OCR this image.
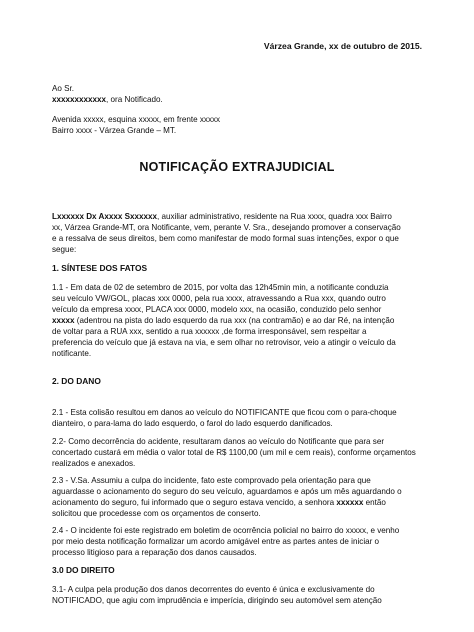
Várzea Grande, xx de outubro de 2015.
Ao Sr.
xxxxxxxxxxxx, ora Notificado.
Avenida xxxxx, esquina xxxxx, em frente xxxxx
Bairro xxxx - Várzea Grande – MT.
NOTIFICAÇÃO EXTRAJUDICIAL
Lxxxxxx Dx Axxxx Sxxxxxx, auxiliar administrativo, residente na Rua xxxx, quadra xxx Bairro
xx, Várzea Grande-MT, ora Notificante, vem, perante V. Sra., desejando promover a conservação
e a ressalva de seus direitos, bem como manifestar de modo formal suas intenções, expor o que
segue:
1. SÍNTESE DOS FATOS
1.1 - Em data de 02 de setembro de 2015, por volta das 12h45min min, a notificante conduzia
seu veículo VW/GOL, placas xxx 0000, pela rua xxxx, atravessando a Rua xxx, quando outro
veículo da empresa xxxx, PLACA xxx 0000, modelo xxx, na ocasião, conduzido pelo senhor
xxxxx (adentrou na pista do lado esquerdo da rua xxx (na contramão) e ao dar Ré, na intenção
de voltar para a RUA xxx, sentido a rua xxxxxx ,de forma irresponsável, sem respeitar a
preferencia do veículo que já estava na via, e sem olhar no retrovisor, veio a atingir o veículo da
notificante.
2. DO DANO
2.1 - Esta colisão resultou em danos ao veículo do NOTIFICANTE que ficou com o para-choque
dianteiro, o para-lama do lado esquerdo, o farol do lado esquerdo danificados.
2.2- Como decorrência do acidente, resultaram danos ao veículo do Notificante que para ser
concertado custará em média o valor total de R$ 1100,00 (um mil e cem reais), conforme orçamentos
realizados e anexados.
2.3 - V.Sa. Assumiu a culpa do incidente, fato este comprovado pela orientação para que
aguardasse o acionamento do seguro do seu veículo, aguardamos e após um mês aguardando o
acionamento do seguro, fui informado que o seguro estava vencido, a senhora xxxxxx então
solicitou que procedesse com os orçamentos de conserto.
2.4 - O incidente foi este registrado em boletim de ocorrência policial no bairro do xxxxx, e venho
por meio desta notificação formalizar um acordo amigável entre as partes antes de iniciar o
processo litigioso para a reparação dos danos causados.
3.0 DO DIREITO
3.1- A culpa pela produção dos danos decorrentes do evento é única e exclusivamente do
NOTIFICADO, que agiu com imprudência e imperícia, dirigindo seu automóvel sem atenção
